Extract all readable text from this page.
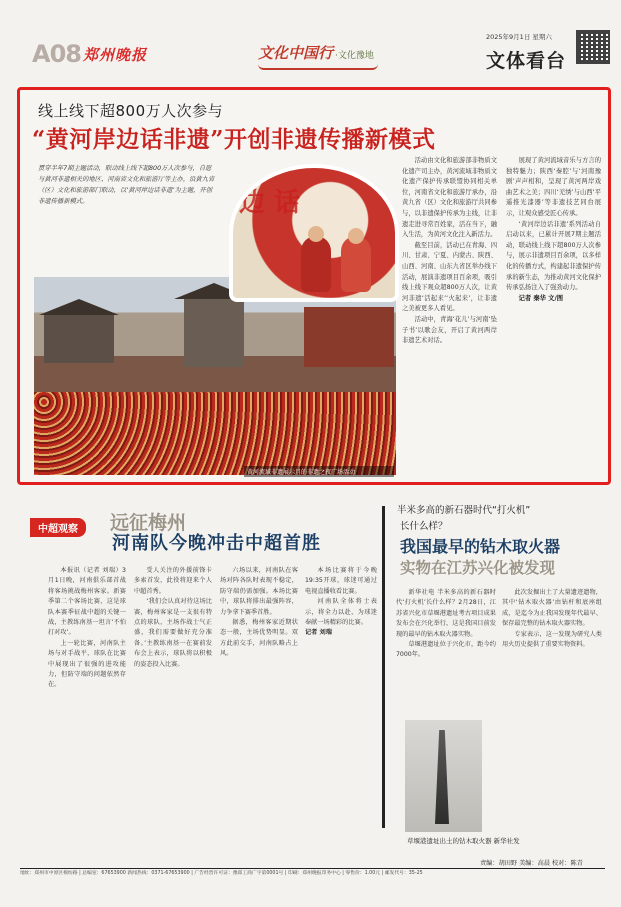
A08 郑州晚报	文化中国行 ·文化豫地
2025年9月1日 星期六
文体看台
线上线下超800万人次参与
“黄河岸边话非遗”开创非遗传播新模式
贯穿半年7期主题活动，联动线上线下超800万人次参与，自愿与黄河非遗相关的地区、河南省文化和旅游厅等主办，沿黄九省（区）文化和旅游部门联动，以‘黄河岸边话非遗’为主题，开创非遗传播新模式。
黄河流域非遗展示月的非遗之夜广场活动
边 话

活动由文化和旅游部非物质文化遗产司主办，黄河流域非物质文化遗产保护传承联盟协同相关单位，河南省文化和旅游厅承办，沿黄九省（区）文化和旅游厅共同参与，以非遗保护传承为主线，让非遗走进寻常百姓家，活在当下，融入生活，为黄河文化注入新活力。

截至目前，活动已在青海、四川、甘肃、宁夏、内蒙古、陕西、山西、河南、山东九省区举办线下活动，展演非遗项目百余项，吸引线上线下观众超800万人次，让黄河非遗‘活起来’‘火起来’，让非遗之美被更多人看见。

活动中，青海‘花儿’与河南‘坠子书’以歌会友，开启了黄河两岸非遗艺术对话。

展现了黄河流域音乐与方言的独特魅力；陕西‘秦腔’与‘河南豫剧’声声相和，呈现了黄河两岸戏曲艺术之美；四川‘羌绣’与山西‘平遥推光漆器’等非遗技艺同台展示，让观众感受匠心传承。

‘黄河岸边话非遗’系列活动自启动以来，已累计开展7期主题活动，联动线上线下超800万人次参与，展示非遗项目百余项，以多样化的传播方式，构建起非遗保护传承的新生态，为推动黄河文化保护传承弘扬注入了强劲动力。

记者 秦华 文/图

中超观察	远征梅州
河南队今晚冲击中超首胜

本报讯（记者 刘瑞）3月1日晚，河南俱乐部首战将客场挑战梅州客家。新赛季第二个客场比赛，这是球队本赛季征战中超的关键一战，主教练南基一坦言‘不怕打对攻’。

上一轮比赛，河南队主场与对手战平，球队在比赛中展现出了很强的进攻能力，但防守端的问题依然存在。

受人关注的外援前锋卡多索首发，此役将迎来个人中超首秀。

‘我们会认真对待这场比赛，梅州客家是一支很有特点的球队，主场作战士气正盛，我们需要做好充分准备。’主教练南基一在赛前发布会上表示，球队将以积极的姿态投入比赛。

六场以来，河南队在客场对阵各队时表现不稳定，防守端仍需加强。本场比赛中，球队将排出最强阵容，力争拿下赛季首胜。

据悉，梅州客家近期状态一般，主场优势明显。双方此前交手，河南队略占上风。

本场比赛将于今晚19:35开球，球迷可通过电视直播收看比赛。

河南队全体将士表示，将全力以赴，为球迷奉献一场精彩的比赛。

记者 刘瑞

半米多高的新石器时代“打火机”
长什么样？
我国最早的钻木取火器
实物在江苏兴化被发现

新华社电 半米多高的新石器时代‘打火机’长什么样？2月28日，江苏省兴化市草堰港遗址考古项目成果发布会在兴化举行，这是我国目前发现的最早的钻木取火器实物。

草堰港遗址位于兴化市，距今约7000年。

此次发掘出土了大量遗迹遗物，其中‘钻木取火器’由钻杆和底座组成，是迄今为止我国发现年代最早、保存最完整的钻木取火器实物。

专家表示，这一发现为研究人类用火历史提供了重要实物资料。

草堰港遗址出土的钻木取火器 新华社发
责编：胡田野 美编：高晨 校对：陈青
地址：郑州市中原区棉纺路 | 总编室：67653900 新闻热线：0371-67653900 | 广告经营许可证：豫郑工商广字第0001号 | 印刷：郑州晚报印务中心 | 零售价：1.00元 | 邮发代号：35-25
